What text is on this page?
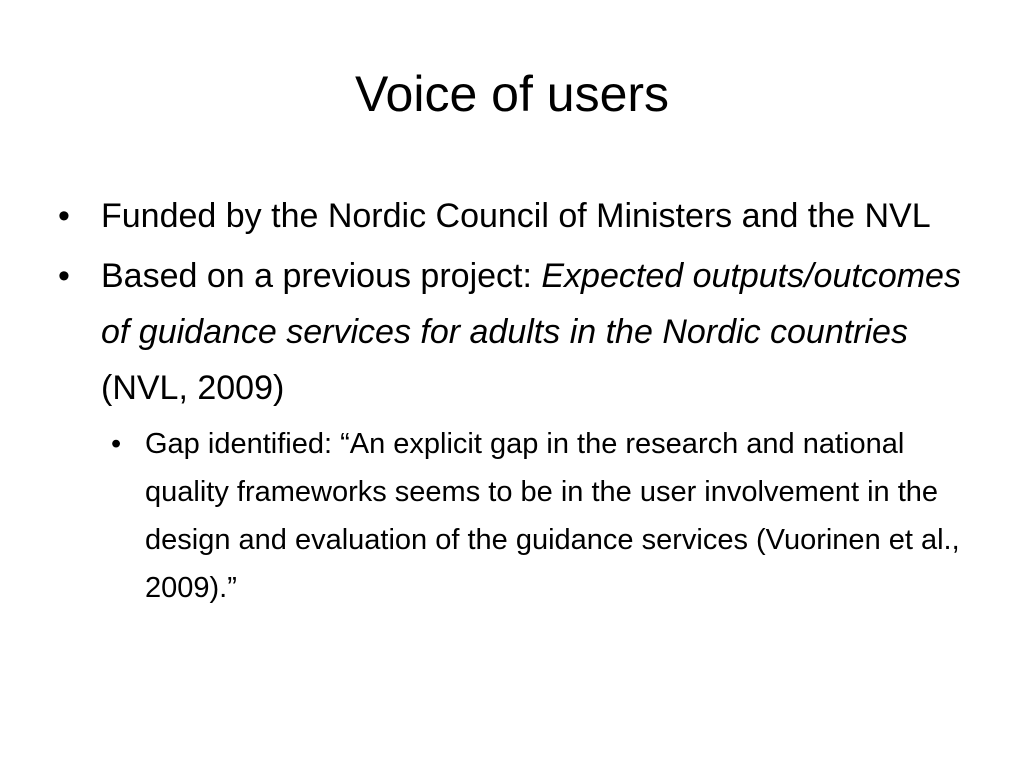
Voice of users
• Funded by the Nordic Council of Ministers and the NVL
• Based on a previous project: Expected outputs/outcomes of guidance services for adults in the Nordic countries (NVL, 2009)
• Gap identified: “An explicit gap in the research and national quality frameworks seems to be in the user involvement in the design and evaluation of the guidance services (Vuorinen et al., 2009).”
